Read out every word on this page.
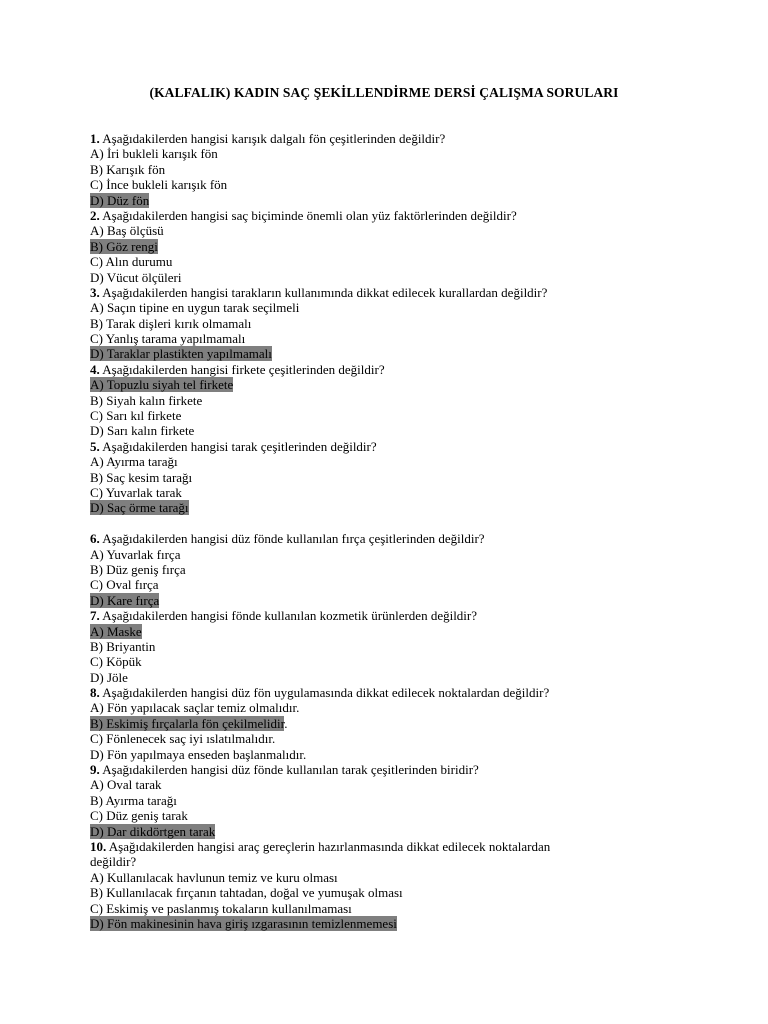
(KALFALIK) KADIN SAÇ ŞEKİLLENDİRME DERSİ ÇALIŞMA SORULARI
1. Aşağıdakilerden hangisi karışık dalgalı fön çeşitlerinden değildir?
A) İri bukleli karışık fön
B) Karışık fön
C) İnce bukleli karışık fön
D) Düz fön
2. Aşağıdakilerden hangisi saç biçiminde önemli olan yüz faktörlerinden değildir?
A) Baş ölçüsü
B) Göz rengi
C) Alın durumu
D) Vücut ölçüleri
3. Aşağıdakilerden hangisi tarakların kullanımında dikkat edilecek kurallardan değildir?
A) Saçın tipine en uygun tarak seçilmeli
B) Tarak dişleri kırık olmamalı
C) Yanlış tarama yapılmamalı
D) Taraklar plastikten yapılmamalı
4. Aşağıdakilerden hangisi firkete çeşitlerinden değildir?
A) Topuzlu siyah tel firkete
B) Siyah kalın firkete
C) Sarı kıl firkete
D) Sarı kalın firkete
5. Aşağıdakilerden hangisi tarak çeşitlerinden değildir?
A) Ayırma tarağı
B) Saç kesim tarağı
C) Yuvarlak tarak
D) Saç örme tarağı
6. Aşağıdakilerden hangisi düz fönde kullanılan fırça çeşitlerinden değildir?
A) Yuvarlak fırça
B) Düz geniş fırça
C) Oval fırça
D) Kare fırça
7. Aşağıdakilerden hangisi fönde kullanılan kozmetik ürünlerden değildir?
A) Maske
B) Briyantin
C) Köpük
D) Jöle
8. Aşağıdakilerden hangisi düz fön uygulamasında dikkat edilecek noktalardan değildir?
A) Fön yapılacak saçlar temiz olmalıdır.
B) Eskimiş fırçalarla fön çekilmelidir.
C) Fönlenecek saç iyi ıslatılmalıdır.
D) Fön yapılmaya enseden başlanmalıdır.
9. Aşağıdakilerden hangisi düz fönde kullanılan tarak çeşitlerinden biridir?
A) Oval tarak
B) Ayırma tarağı
C) Düz geniş tarak
D) Dar dikdörtgen tarak
10. Aşağıdakilerden hangisi araç gereçlerin hazırlanmasında dikkat edilecek noktalardan
değildir?
A) Kullanılacak havlunun temiz ve kuru olması
B) Kullanılacak fırçanın tahtadan, doğal ve yumuşak olması
C) Eskimiş ve paslanmış tokaların kullanılmaması
D) Fön makinesinin hava giriş ızgarasının temizlenmemesi
